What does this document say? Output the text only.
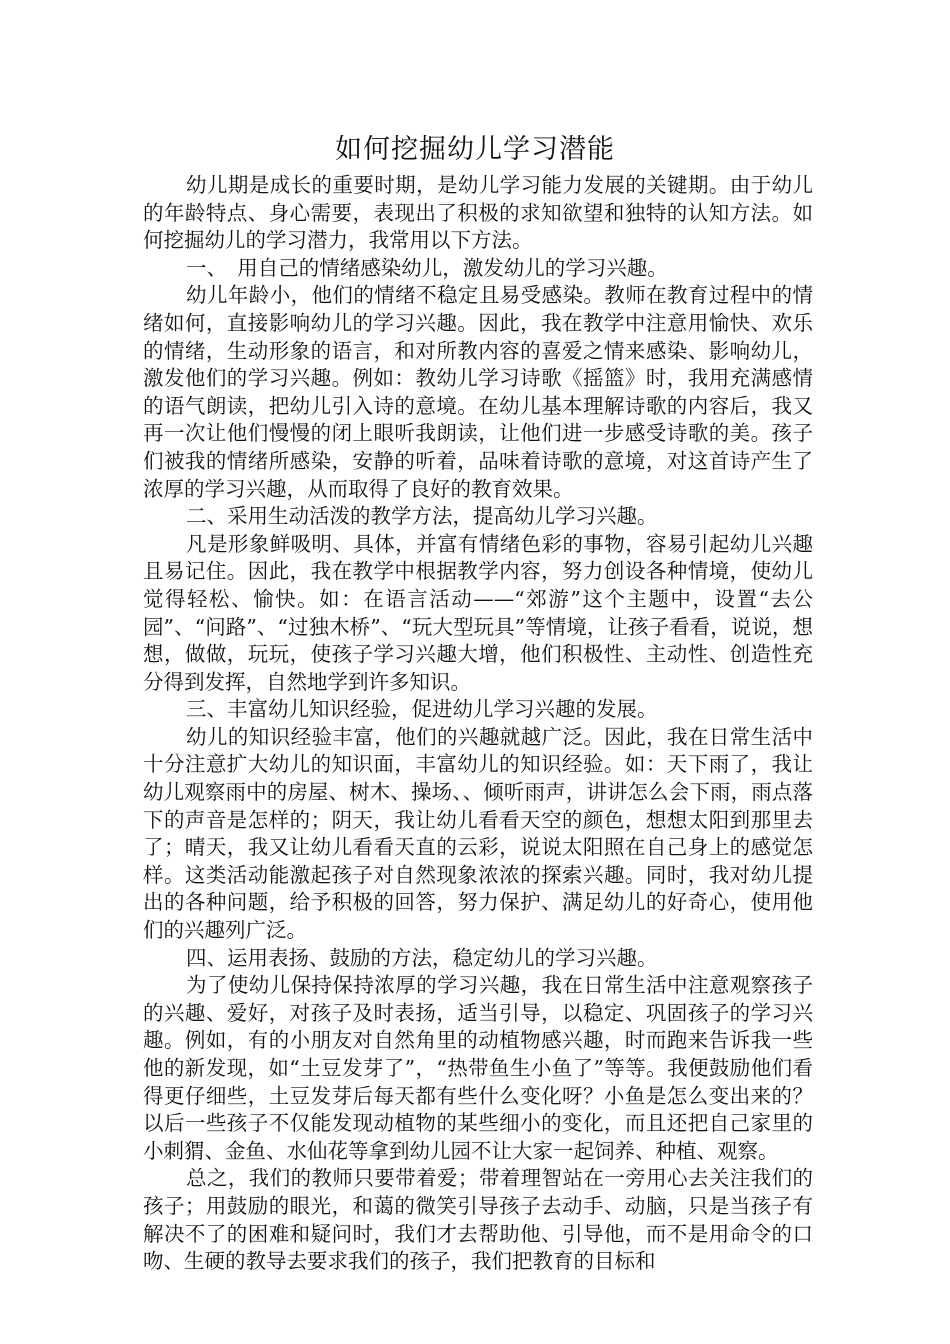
如何挖掘幼儿学习潜能

幼儿期是成长的重要时期，是幼儿学习能力发展的关键期。由于幼儿的年龄特点、身心需要，表现出了积极的求知欲望和独特的认知方法。如何挖掘幼儿的学习潜力，我常用以下方法。

一、　用自己的情绪感染幼儿，激发幼儿的学习兴趣。

幼儿年龄小，他们的情绪不稳定且易受感染。教师在教育过程中的情绪如何，直接影响幼儿的学习兴趣。因此，我在教学中注意用愉快、欢乐的情绪，生动形象的语言，和对所教内容的喜爱之情来感染、影响幼儿，激发他们的学习兴趣。例如：教幼儿学习诗歌《摇篮》时，我用充满感情的语气朗读，把幼儿引入诗的意境。在幼儿基本理解诗歌的内容后，我又再一次让他们慢慢的闭上眼听我朗读，让他们进一步感受诗歌的美。孩子们被我的情绪所感染，安静的听着，品味着诗歌的意境，对这首诗产生了浓厚的学习兴趣，从而取得了良好的教育效果。

二、采用生动活泼的教学方法，提高幼儿学习兴趣。

凡是形象鲜吸明、具体，并富有情绪色彩的事物，容易引起幼儿兴趣且易记住。因此，我在教学中根据教学内容，努力创设各种情境，使幼儿觉得轻松、愉快。如：在语言活动——“郊游”这个主题中，设置“去公园”、“问路”、“过独木桥”、“玩大型玩具”等情境，让孩子看看，说说，想想，做做，玩玩，使孩子学习兴趣大增，他们积极性、主动性、创造性充分得到发挥，自然地学到许多知识。

三、丰富幼儿知识经验，促进幼儿学习兴趣的发展。

幼儿的知识经验丰富，他们的兴趣就越广泛。因此，我在日常生活中十分注意扩大幼儿的知识面，丰富幼儿的知识经验。如：天下雨了，我让幼儿观察雨中的房屋、树木、操场、、倾听雨声，讲讲怎么会下雨，雨点落下的声音是怎样的；阴天，我让幼儿看看天空的颜色，想想太阳到那里去了；晴天，我又让幼儿看看天直的云彩，说说太阳照在自己身上的感觉怎样。这类活动能激起孩子对自然现象浓浓的探索兴趣。同时，我对幼儿提出的各种问题，给予积极的回答，努力保护、满足幼儿的好奇心，使用他们的兴趣列广泛。

四、运用表扬、鼓励的方法，稳定幼儿的学习兴趣。

为了使幼儿保持保持浓厚的学习兴趣，我在日常生活中注意观察孩子的兴趣、爱好，对孩子及时表扬，适当引导，以稳定、巩固孩子的学习兴趣。例如，有的小朋友对自然角里的动植物感兴趣，时而跑来告诉我一些他的新发现，如“土豆发芽了”，“热带鱼生小鱼了”等等。我便鼓励他们看得更仔细些，土豆发芽后每天都有些什么变化呀？小鱼是怎么变出来的？以后一些孩子不仅能发现动植物的某些细小的变化，而且还把自己家里的小刺猬、金鱼、水仙花等拿到幼儿园不让大家一起饲养、种植、观察。

总之，我们的教师只要带着爱；带着理智站在一旁用心去关注我们的孩子；用鼓励的眼光，和蔼的微笑引导孩子去动手、动脑，只是当孩子有解决不了的困难和疑问时，我们才去帮助他、引导他，而不是用命令的口吻、生硬的教导去要求我们的孩子，我们把教育的目标和
